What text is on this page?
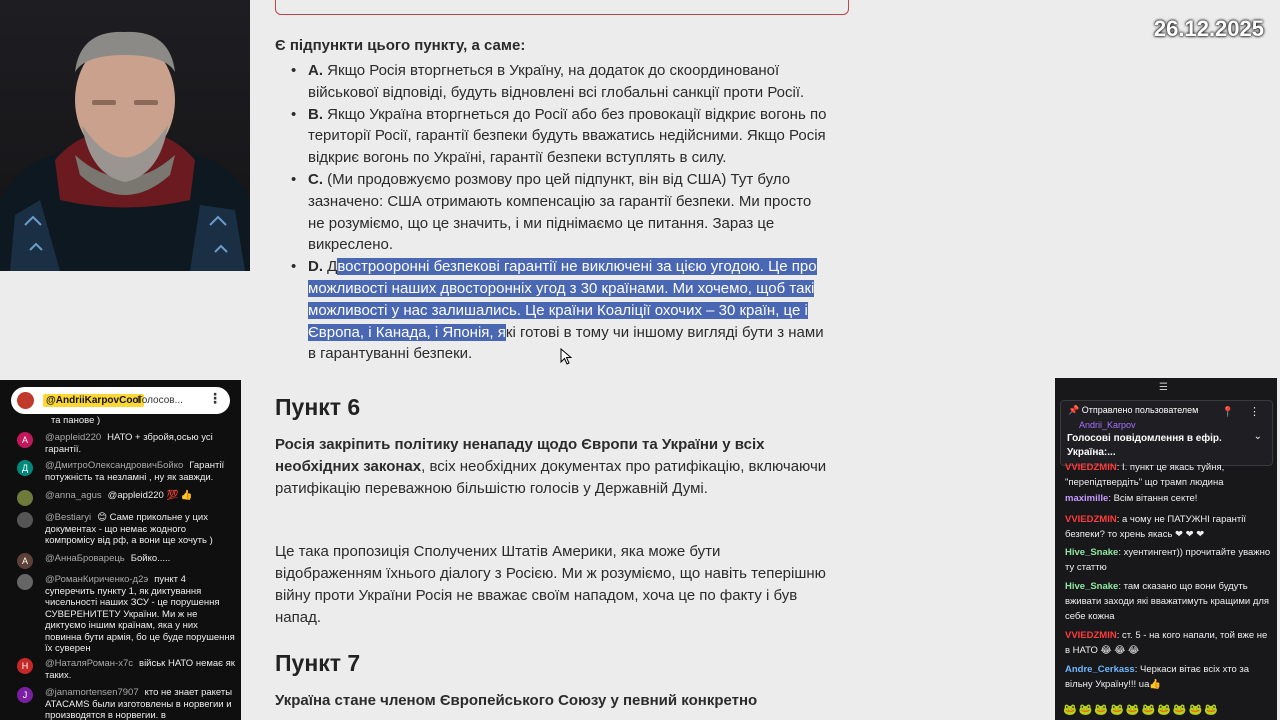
Є підпункти цього пункту, а саме:
• A. Якщо Росія вторгнеться в Україну, на додаток до скоординованої
військової відповіді, будуть відновлені всі глобальні санкції проти Росії.
• B. Якщо Україна вторгнеться до Росії або без провокації відкриє вогонь по
території Росії, гарантії безпеки будуть вважатись недійсними. Якщо Росія
відкриє вогонь по Україні, гарантії безпеки вступлять в силу.
• C. (Ми продовжуємо розмову про цей підпункт, він від США) Тут було
зазначено: США отримають компенсацію за гарантії безпеки. Ми просто
не розуміємо, що це значить, і ми піднімаємо це питання. Зараз це
викреслено.
• D. Двострооронні безпекові гарантії не виключені за цією угодою. Це про
можливості наших двосторонніх угод з 30 країнами. Ми хочемо, щоб такі
можливості у нас залишались. Це країни Коаліції охочих – 30 країн, це і
Європа, і Канада, і Японія, які готові в тому чи іншому вигляді бути з нами
в гарантуванні безпеки.
Пункт 6
Росія закріпить політику ненападу щодо Європи та України у всіх
необхідних законах, всіх необхідних документах про ратифікацію, включаючи
ратифікацію переважною більшістю голосів у Державній Думі.
Це така пропозиція Сполучених Штатів Америки, яка може бути
відображенням їхнього діалогу з Росією. Ми ж розуміємо, що навіть теперішню
війну проти України Росія не вважає своїм нападом, хоча це по факту і був
напад.
Пункт 7
Україна стане членом Європейського Союзу у певний конкретно
26.12.2025
@AndriiKarpovCool
Голосов... ⋮
та панове )
A	@appleid220 НАТО + збройя,осью усі гарантії.
Д	@ДмитроОлександровичБойко Гарантії потужність та незламні , ну як завжди.
@anna_agus @appleid220 💯 👍
@Bestiaryi 😊 Саме прикольне у цих документах - що немає жодного компромісу від рф, а вони ще хочуть )
А	@АннаБроварець Бойко.....
@РоманКириченко-д2э пункт 4 суперечить пункту 1, як диктування чисельності наших ЗСУ - це порушення СУВЕРЕНИТЕТУ України. Ми ж не диктуємо іншим країнам, яка у них повинна бути армія, бо це буде порушення їх суверен
Н	@НаталяРоман-х7с військ НАТО немає як таких.
J	@janamortensen7907 кто не знает ракеты ATACAMS были изготовлены в норвегии и производятся в норвегии. в
☰
📌 Отправлено пользователем
Andrii_Karpov
Голосові повідомлення в ефір.
Україна:...
📍 ⋮
⌄
VVIEDZMIN: І. пункт це якась туйня, "перепідтвердіть" що трамп людина
maximille: Всім вітання секте!
VVIEDZMIN: а чому не ПАТУЖНІ гарантії безпеки? то хрень якась ❤ ❤ ❤
Hive_Snake: хуентингент)) прочитайте уважно ту статтю
Hive_Snake: там сказано що вони будуть вживати заходи які вважатимуть кращими для себе кожна
VVIEDZMIN: ст. 5 - на кого напали, той вже не в НАТО 😂 😂 😂
Andre_Cerkass: Черкаси вітає всіх хто за вільну Україну!!! ua👍
🐸🐸🐸🐸🐸🐸🐸🐸🐸🐸
